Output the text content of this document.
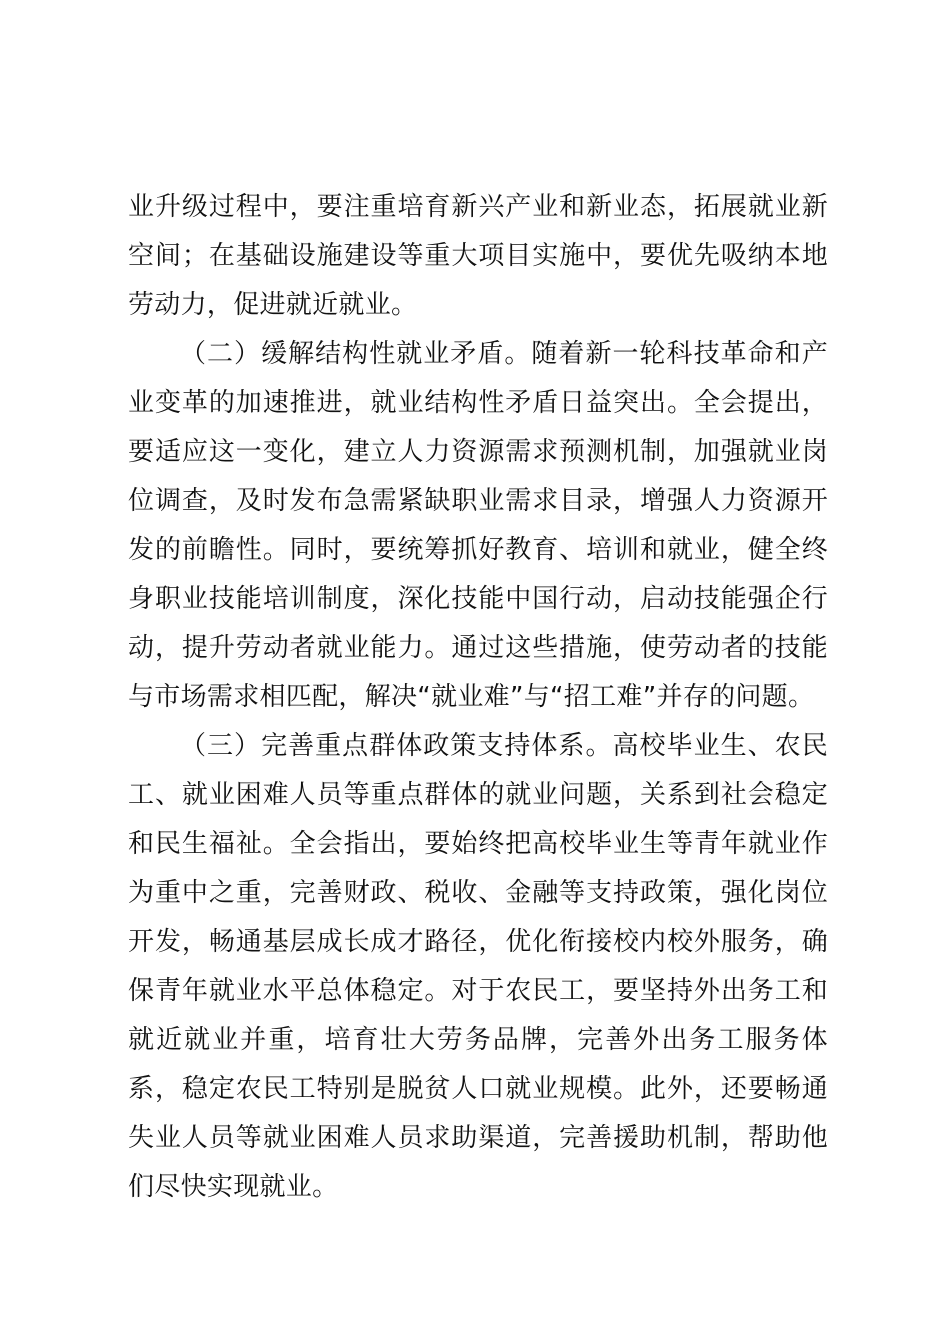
业升级过程中，要注重培育新兴产业和新业态，拓展就业新空间；在基础设施建设等重大项目实施中，要优先吸纳本地劳动力，促进就近就业。

（二）缓解结构性就业矛盾。随着新一轮科技革命和产业变革的加速推进，就业结构性矛盾日益突出。全会提出，要适应这一变化，建立人力资源需求预测机制，加强就业岗位调查，及时发布急需紧缺职业需求目录，增强人力资源开发的前瞻性。同时，要统筹抓好教育、培训和就业，健全终身职业技能培训制度，深化技能中国行动，启动技能强企行动，提升劳动者就业能力。通过这些措施，使劳动者的技能与市场需求相匹配，解决“就业难”与“招工难”并存的问题。

（三）完善重点群体政策支持体系。高校毕业生、农民工、就业困难人员等重点群体的就业问题，关系到社会稳定和民生福祉。全会指出，要始终把高校毕业生等青年就业作为重中之重，完善财政、税收、金融等支持政策，强化岗位开发，畅通基层成长成才路径，优化衔接校内校外服务，确保青年就业水平总体稳定。对于农民工，要坚持外出务工和就近就业并重，培育壮大劳务品牌，完善外出务工服务体系，稳定农民工特别是脱贫人口就业规模。此外，还要畅通失业人员等就业困难人员求助渠道，完善援助机制，帮助他们尽快实现就业。
